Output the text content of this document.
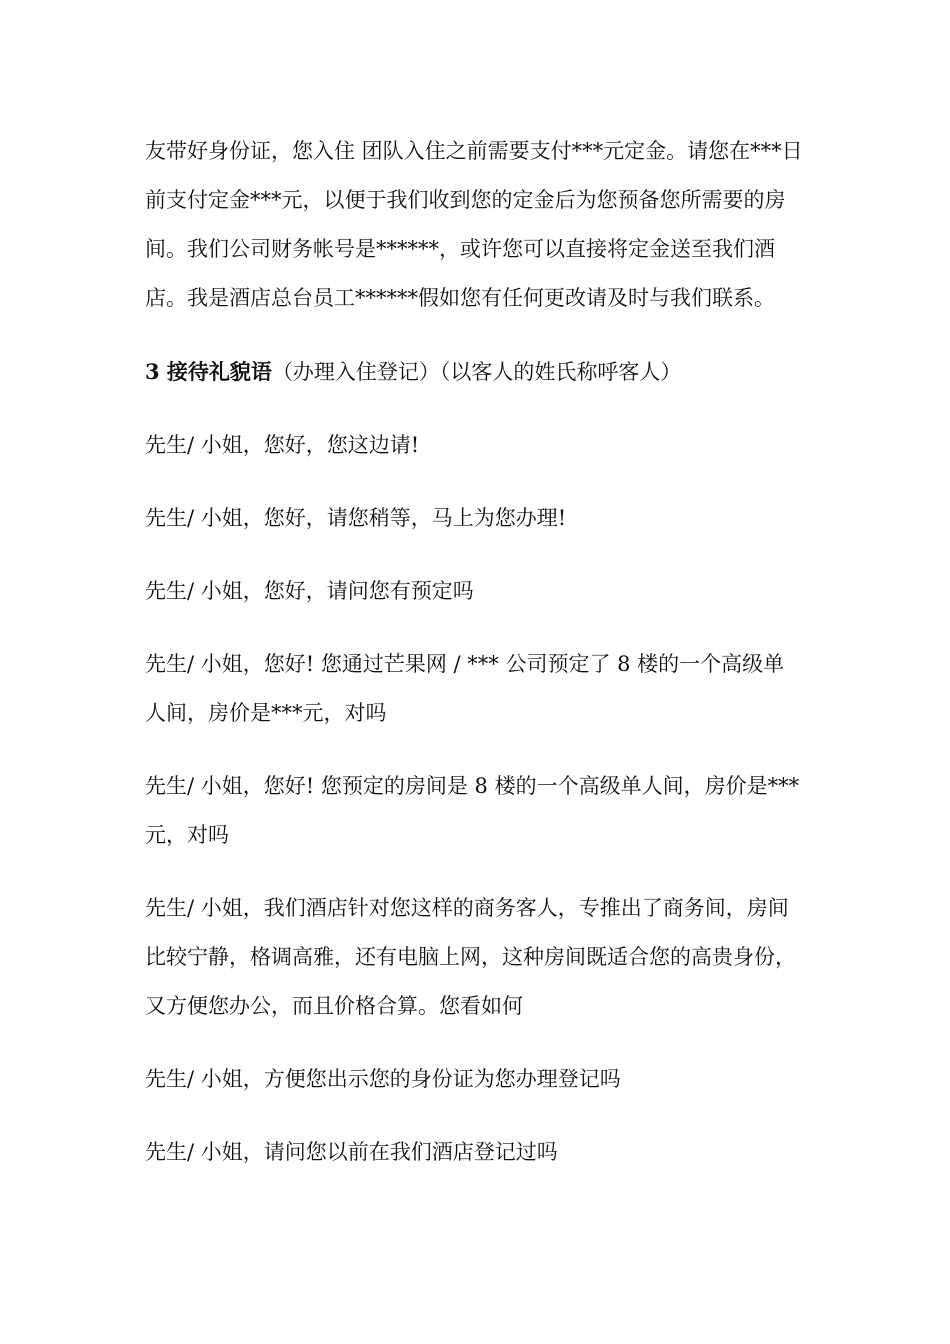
友带好身份证，您入住 团队入住之前需要支付***元定金。请您在***日前支付定金***元，以便于我们收到您的定金后为您预备您所需要的房间。我们公司财务帐号是******，或许您可以直接将定金送至我们酒店。我是酒店总台员工******假如您有任何更改请及时与我们联系。

3 接待礼貌语（办理入住登记）（以客人的姓氏称呼客人）

先生/ 小姐，您好，您这边请!

先生/ 小姐，您好，请您稍等，马上为您办理!

先生/ 小姐，您好，请问您有预定吗

先生/ 小姐，您好! 您通过芒果网 / *** 公司预定了 8 楼的一个高级单人间，房价是***元，对吗

先生/ 小姐，您好! 您预定的房间是 8 楼的一个高级单人间，房价是***元，对吗

先生/ 小姐，我们酒店针对您这样的商务客人，专推出了商务间，房间比较宁静，格调高雅，还有电脑上网，这种房间既适合您的高贵身份，又方便您办公，而且价格合算。您看如何

先生/ 小姐，方便您出示您的身份证为您办理登记吗

先生/ 小姐，请问您以前在我们酒店登记过吗
